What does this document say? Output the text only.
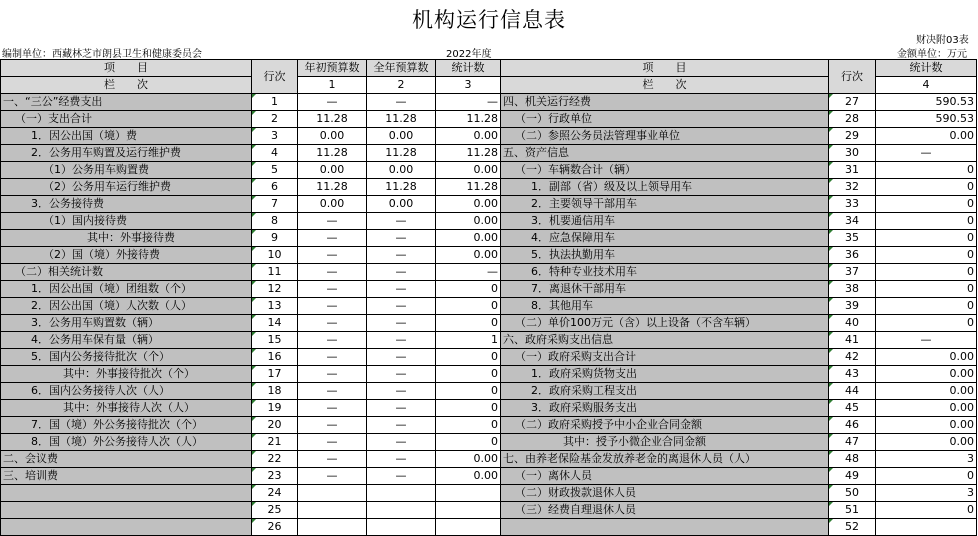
机构运行信息表
财决附03表
编制单位：西藏林芝市朗县卫生和健康委员会	2022年度	金额单位：万元
项　　目	行次	年初预算数	全年预算数	统计数	项　　目	行次	统计数
栏　　次		1	2	3	栏　　次		4
一、“三公”经费支出	1	—	—	—	四、机关运行经费	27	590.53
（一）支出合计	2	11.28	11.28	11.28	（一）行政单位	28	590.53
1．因公出国（境）费	3	0.00	0.00	0.00	（二）参照公务员法管理事业单位	29	0.00
2．公务用车购置及运行维护费	4	11.28	11.28	11.28	五、资产信息	30	—
（1）公务用车购置费	5	0.00	0.00	0.00	（一）车辆数合计（辆）	31	0
（2）公务用车运行维护费	6	11.28	11.28	11.28	1．副部（省）级及以上领导用车	32	0
3．公务接待费	7	0.00	0.00	0.00	2．主要领导干部用车	33	0
（1）国内接待费	8	—	—	0.00	3．机要通信用车	34	0
其中：外事接待费	9	—	—	0.00	4．应急保障用车	35	0
（2）国（境）外接待费	10	—	—	0.00	5．执法执勤用车	36	0
（二）相关统计数	11	—	—	—	6．特种专业技术用车	37	0
1．因公出国（境）团组数（个）	12	—	—	0	7．离退休干部用车	38	0
2．因公出国（境）人次数（人）	13	—	—	0	8．其他用车	39	0
3．公务用车购置数（辆）	14	—	—	0	（二）单价100万元（含）以上设备（不含车辆）	40	0
4．公务用车保有量（辆）	15	—	—	1	六、政府采购支出信息	41	—
5．国内公务接待批次（个）	16	—	—	0	（一）政府采购支出合计	42	0.00
其中：外事接待批次（个）	17	—	—	0	1．政府采购货物支出	43	0.00
6．国内公务接待人次（人）	18	—	—	0	2．政府采购工程支出	44	0.00
其中：外事接待人次（人）	19	—	—	0	3．政府采购服务支出	45	0.00
7．国（境）外公务接待批次（个）	20	—	—	0	（二）政府采购授予中小企业合同金额	46	0.00
8．国（境）外公务接待人次（人）	21	—	—	0	其中：授予小微企业合同金额	47	0.00
二、会议费	22	—	—	0.00	七、由养老保险基金发放养老金的离退休人员（人）	48	3
三、培训费	23	—	—	0.00	（一）离休人员	49	0
	24				（二）财政拨款退休人员	50	3
	25				（三）经费自理退休人员	51	0
	26					52	
